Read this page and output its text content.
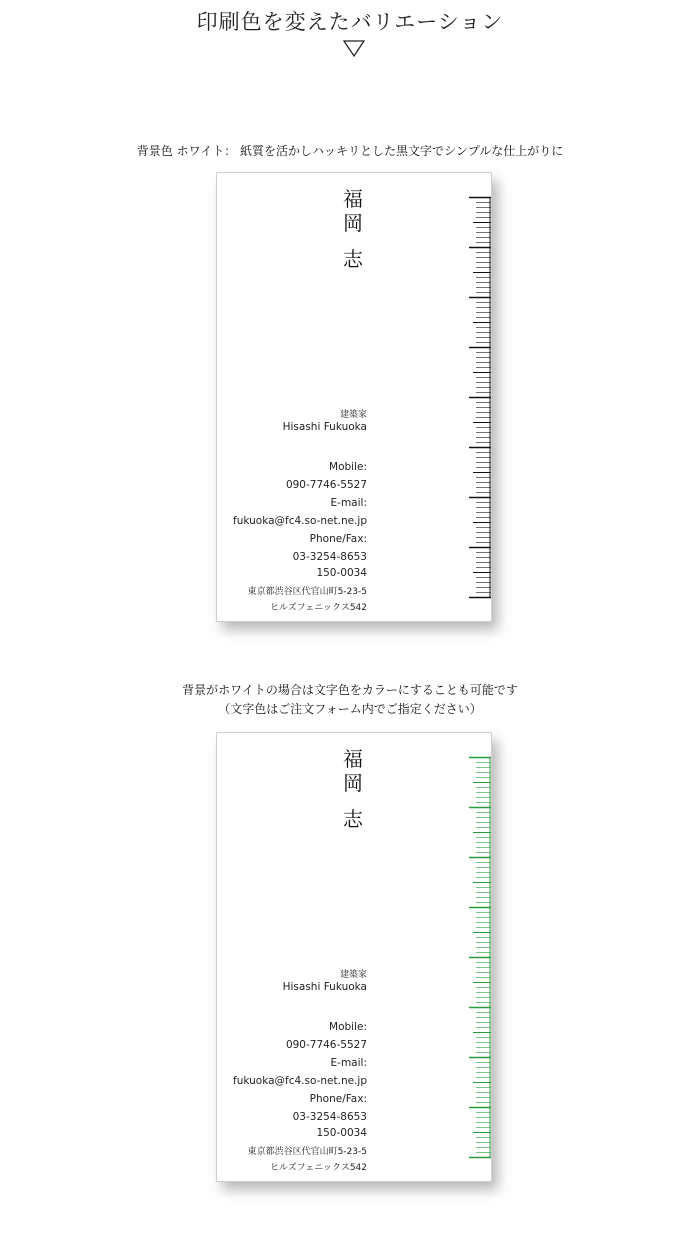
印刷色を変えたバリエーション
背景色 ホワイト： 紙質を活かしハッキリとした黒文字でシンプルな仕上がりに
福
岡
志
建築家
Hisashi Fukuoka
Mobile:
090-7746-5527
E-mail:
fukuoka@fc4.so-net.ne.jp
Phone/Fax:
03-3254-8653
150-0034
東京都渋谷区代官山町5-23-5
ヒルズフェニックス542
背景がホワイトの場合は文字色をカラーにすることも可能です
（文字色はご注文フォーム内でご指定ください）
福
岡
志
建築家
Hisashi Fukuoka
Mobile:
090-7746-5527
E-mail:
fukuoka@fc4.so-net.ne.jp
Phone/Fax:
03-3254-8653
150-0034
東京都渋谷区代官山町5-23-5
ヒルズフェニックス542
